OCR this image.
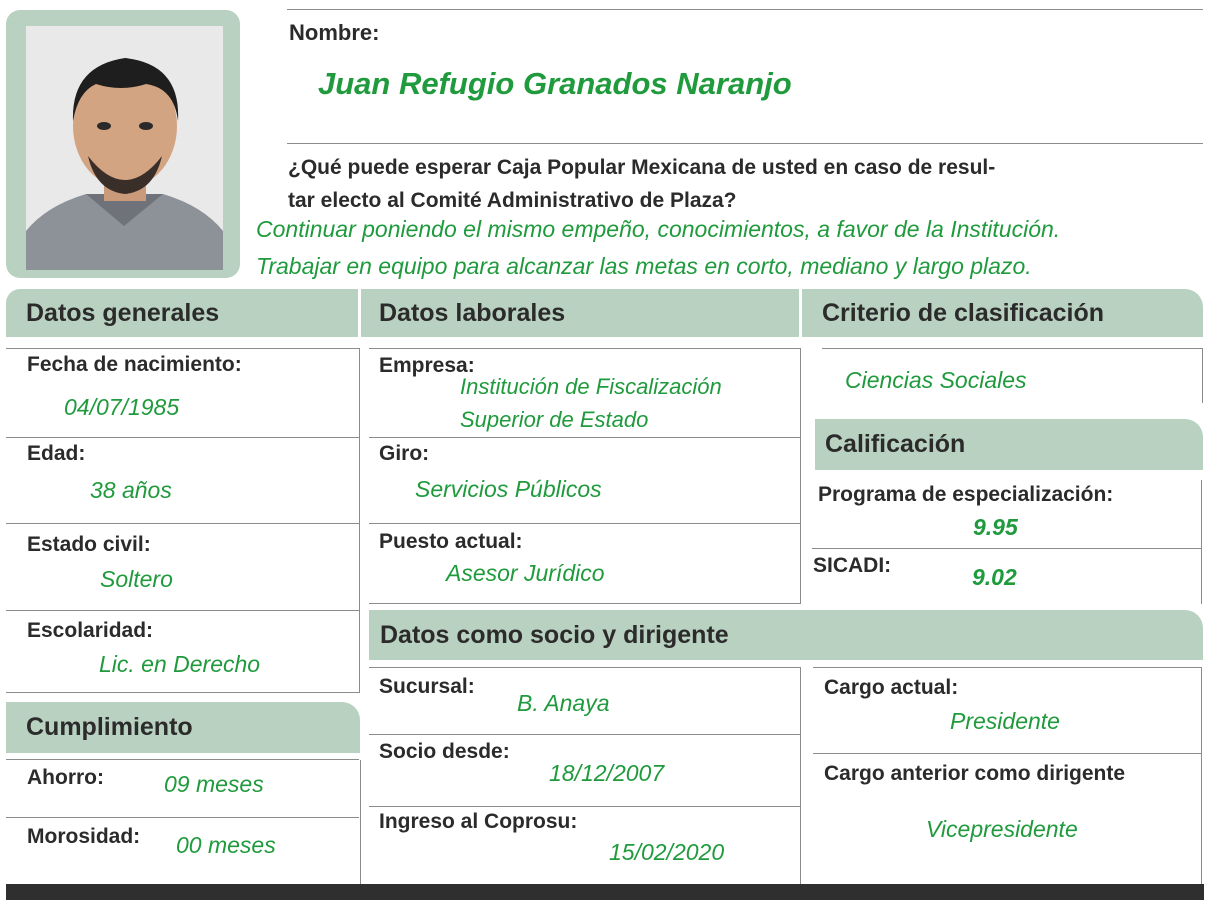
Nombre:
Juan Refugio Granados Naranjo
¿Qué puede esperar Caja Popular Mexicana de usted en caso de resul-
tar electo al Comité Administrativo de Plaza?
Continuar poniendo el mismo empeño, conocimientos, a favor de la Institución.
Trabajar en equipo para alcanzar las metas en corto, mediano y largo plazo.
Datos generales	Datos laborales	Criterio de clasificación
Fecha de nacimiento:
04/07/1985
Edad:
38 años
Estado civil:
Soltero
Escolaridad:
Lic. en Derecho
Cumplimiento
Ahorro:	09 meses
Morosidad: 00 meses
Empresa:
Institución de Fiscalización
Superior de Estado
Giro:
Servicios Públicos
Puesto actual:
Asesor Jurídico
Ciencias Sociales
Calificación
Programa de especialización:
9.95
SICADI:	9.02
Datos como socio y dirigente
Sucursal:
B. Anaya
Socio desde:
18/12/2007
Ingreso al Coprosu:
15/02/2020
Cargo actual:
Presidente
Cargo anterior como dirigente
Vicepresidente
